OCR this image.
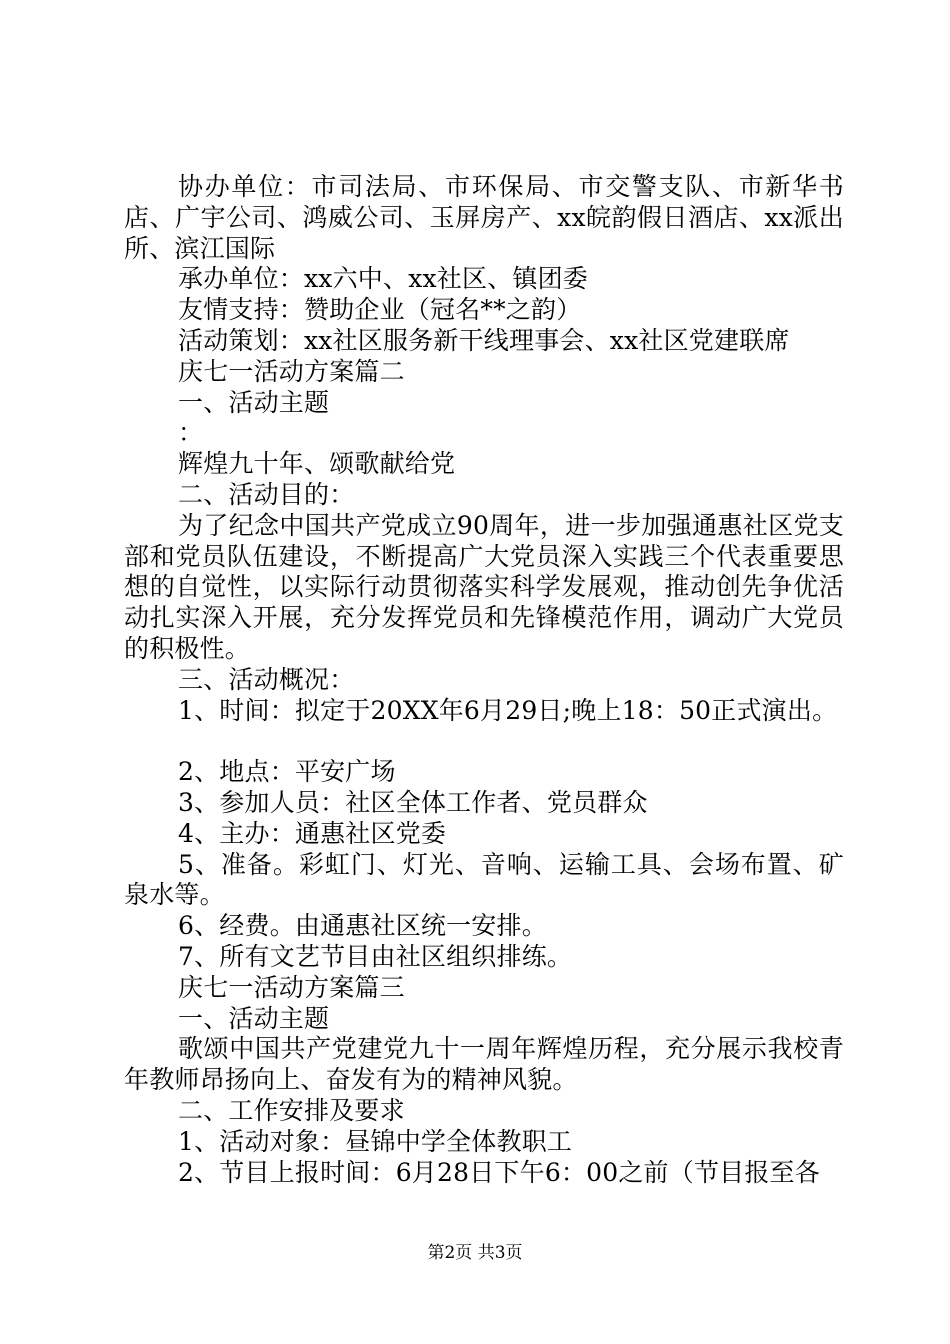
协办单位：市司法局、市环保局、市交警支队、市新华书店、广宇公司、鸿威公司、玉屏房产、xx皖韵假日酒店、xx派出所、滨江国际

承办单位：xx六中、xx社区、镇团委

友情支持：赞助企业（冠名**之韵）

活动策划：xx社区服务新干线理事会、xx社区党建联席

庆七一活动方案篇二

一、活动主题

：

辉煌九十年、颂歌献给党

二、活动目的：

为了纪念中国共产党成立90周年，进一步加强通惠社区党支部和党员队伍建设，不断提高广大党员深入实践三个代表重要思想的自觉性，以实际行动贯彻落实科学发展观，推动创先争优活动扎实深入开展，充分发挥党员和先锋模范作用，调动广大党员的积极性。

三、活动概况：

1、时间：拟定于20XX年6月29日;晚上18：50正式演出。

2、地点：平安广场

3、参加人员：社区全体工作者、党员群众

4、主办：通惠社区党委

5、准备。彩虹门、灯光、音响、运输工具、会场布置、矿泉水等。

6、经费。由通惠社区统一安排。

7、所有文艺节目由社区组织排练。

庆七一活动方案篇三

一、活动主题

歌颂中国共产党建党九十一周年辉煌历程，充分展示我校青年教师昂扬向上、奋发有为的精神风貌。

二、工作安排及要求

1、活动对象：昼锦中学全体教职工

2、节目上报时间：6月28日下午6：00之前（节目报至各

第2页 共3页
